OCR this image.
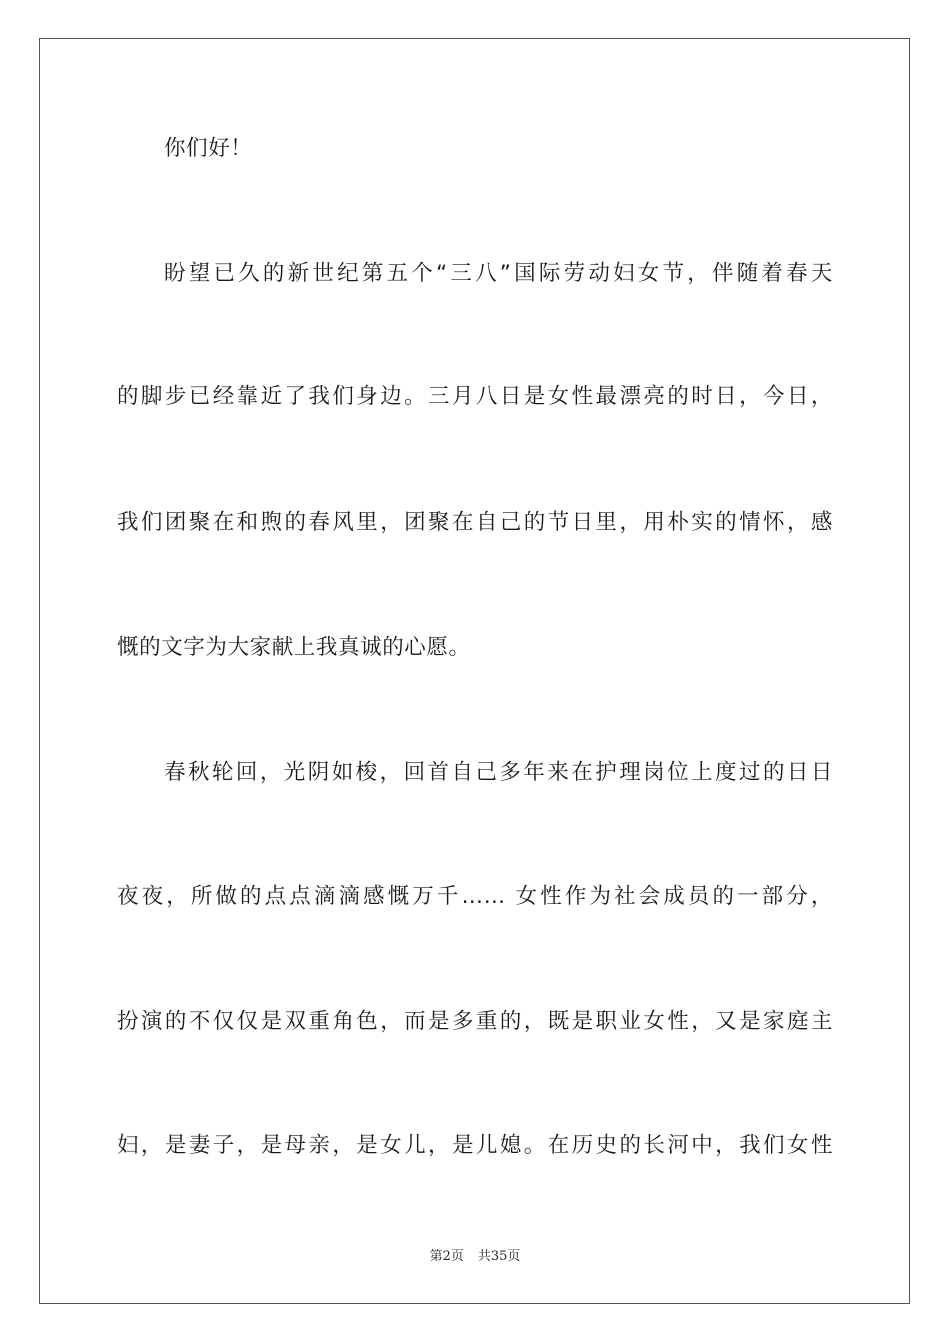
你们好！
盼望已久的新世纪第五个“三八”国际劳动妇女节，伴随着春天
的脚步已经靠近了我们身边。三月八日是女性最漂亮的时日，今日，
我们团聚在和煦的春风里，团聚在自己的节日里，用朴实的情怀，感
慨的文字为大家献上我真诚的心愿。
春秋轮回，光阴如梭，回首自己多年来在护理岗位上度过的日日
夜夜，所做的点点滴滴感慨万千…… 女性作为社会成员的一部分，
扮演的不仅仅是双重角色，而是多重的，既是职业女性，又是家庭主
妇，是妻子，是母亲，是女儿，是儿媳。在历史的长河中，我们女性
第2页 共35页
